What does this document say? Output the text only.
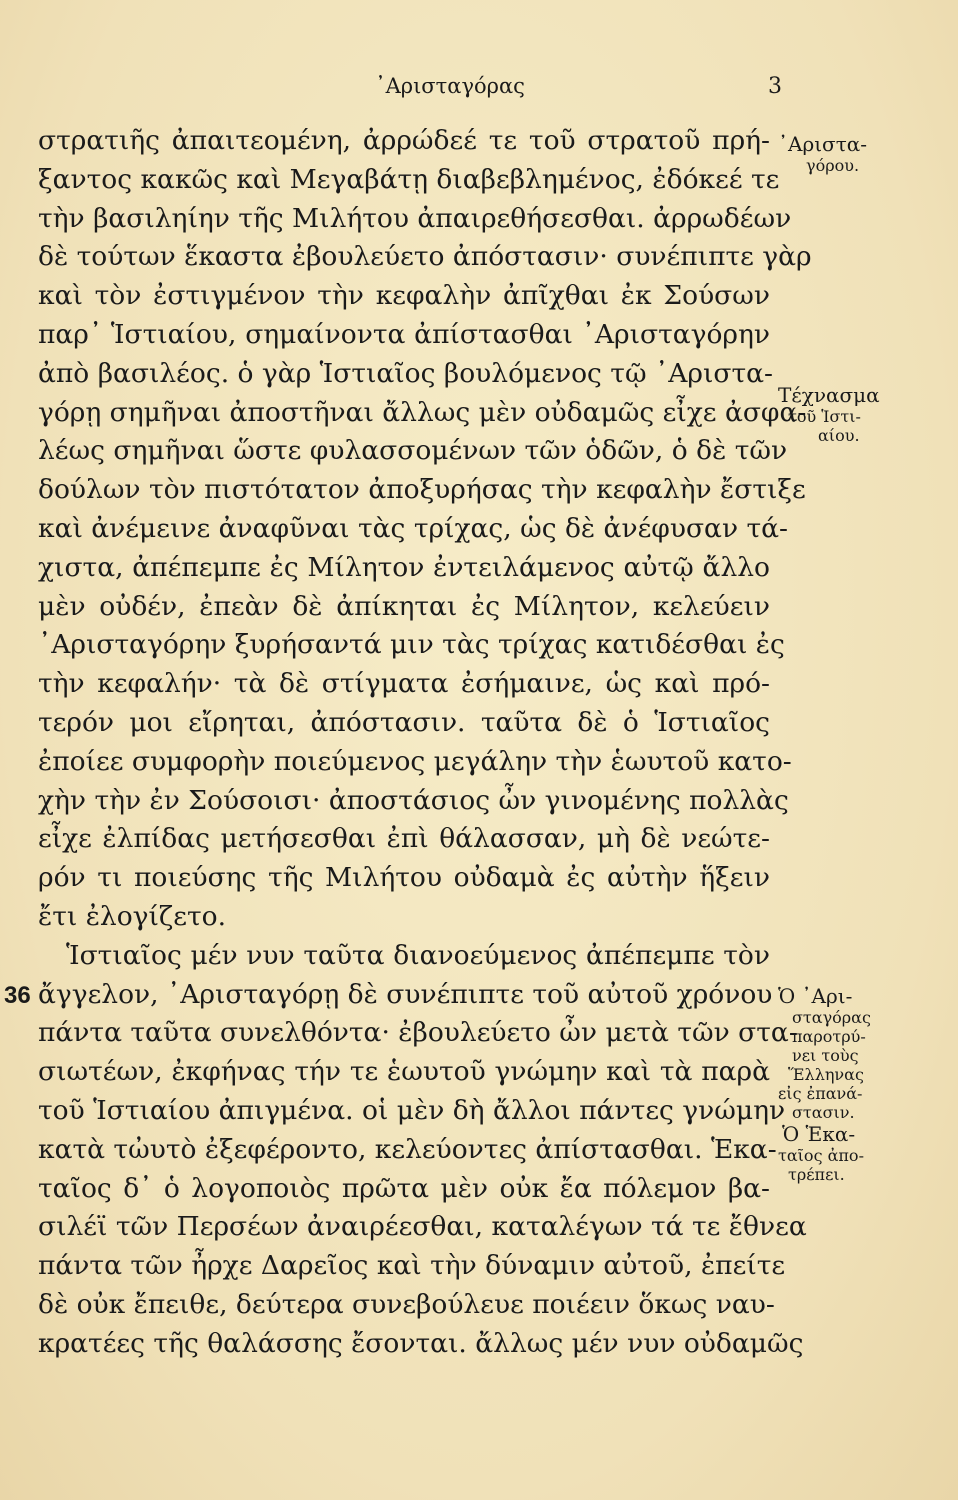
᾽Αρισταγόρας	3
στρατιῆς ἀπαιτεομένη, ἀρρώδεέ τε τοῦ στρατοῦ πρή-
ξαντος κακῶς καὶ Μεγαβάτῃ διαβεβλημένος, ἐδόκεέ τε
τὴν βασιληίην τῆς Μιλήτου ἀπαιρεθήσεσθαι. ἀρρωδέων
δὲ τούτων ἕκαστα ἐβουλεύετο ἀπόστασιν· συνέπιπτε γὰρ
καὶ τὸν ἐστιγμένον τὴν κεφαλὴν ἀπῖχθαι ἐκ Σούσων
παρ᾽ Ἱστιαίου, σημαίνοντα ἀπίστασθαι ᾽Αρισταγόρην
ἀπὸ βασιλέος. ὁ γὰρ Ἱστιαῖος βουλόμενος τῷ ᾽Αριστα-
γόρῃ σημῆναι ἀποστῆναι ἄλλως μὲν οὐδαμῶς εἶχε ἀσφα-
λέως σημῆναι ὥστε φυλασσομένων τῶν ὁδῶν, ὁ δὲ τῶν
δούλων τὸν πιστότατον ἀποξυρήσας τὴν κεφαλὴν ἔστιξε
καὶ ἀνέμεινε ἀναφῦναι τὰς τρίχας, ὡς δὲ ἀνέφυσαν τά-
χιστα, ἀπέπεμπε ἐς Μίλητον ἐντειλάμενος αὐτῷ ἄλλο
μὲν οὐδέν, ἐπεὰν δὲ ἀπίκηται ἐς Μίλητον, κελεύειν
᾽Αρισταγόρην ξυρήσαντά μιν τὰς τρίχας κατιδέσθαι ἐς
τὴν κεφαλήν· τὰ δὲ στίγματα ἐσήμαινε, ὡς καὶ πρό-
τερόν μοι εἴρηται, ἀπόστασιν. ταῦτα δὲ ὁ Ἱστιαῖος
ἐποίεε συμφορὴν ποιεύμενος μεγάλην τὴν ἑωυτοῦ κατο-
χὴν τὴν ἐν Σούσοισι· ἀποστάσιος ὦν γινομένης πολλὰς
εἶχε ἐλπίδας μετήσεσθαι ἐπὶ θάλασσαν, μὴ δὲ νεώτε-
ρόν τι ποιεύσης τῆς Μιλήτου οὐδαμὰ ἐς αὐτὴν ἥξειν
ἔτι ἐλογίζετο.
Ἱστιαῖος μέν νυν ταῦτα διανοεύμενος ἀπέπεμπε τὸν
ἄγγελον, ᾽Αρισταγόρῃ δὲ συνέπιπτε τοῦ αὐτοῦ χρόνου
πάντα ταῦτα συνελθόντα· ἐβουλεύετο ὦν μετὰ τῶν στα-
σιωτέων, ἐκφήνας τήν τε ἑωυτοῦ γνώμην καὶ τὰ παρὰ
τοῦ Ἱστιαίου ἀπιγμένα. οἱ μὲν δὴ ἄλλοι πάντες γνώμην
κατὰ τὠυτὸ ἐξεφέροντο, κελεύοντες ἀπίστασθαι. Ἑκα-
ταῖος δ᾽ ὁ λογοποιὸς πρῶτα μὲν οὐκ ἔα πόλεμον βα-
σιλέϊ τῶν Περσέων ἀναιρέεσθαι, καταλέγων τά τε ἔθνεα
πάντα τῶν ἦρχε Δαρεῖος καὶ τὴν δύναμιν αὐτοῦ, ἐπείτε
δὲ οὐκ ἔπειθε, δεύτερα συνεβούλευε ποιέειν ὅκως ναυ-
κρατέες τῆς θαλάσσης ἔσονται. ἄλλως μέν νυν οὐδαμῶς
36
᾽Αριστα-
γόρου.
Τέχνασμα
τοῦ Ἱστι-
αίου.
Ὁ ᾽Αρι-
σταγόρας
παροτρύ-
νει τοὺς
Ἕλληνας
εἰς ἐπανά-
στασιν.
Ὁ Ἑκα-
ταῖος ἀπο-
τρέπει.
